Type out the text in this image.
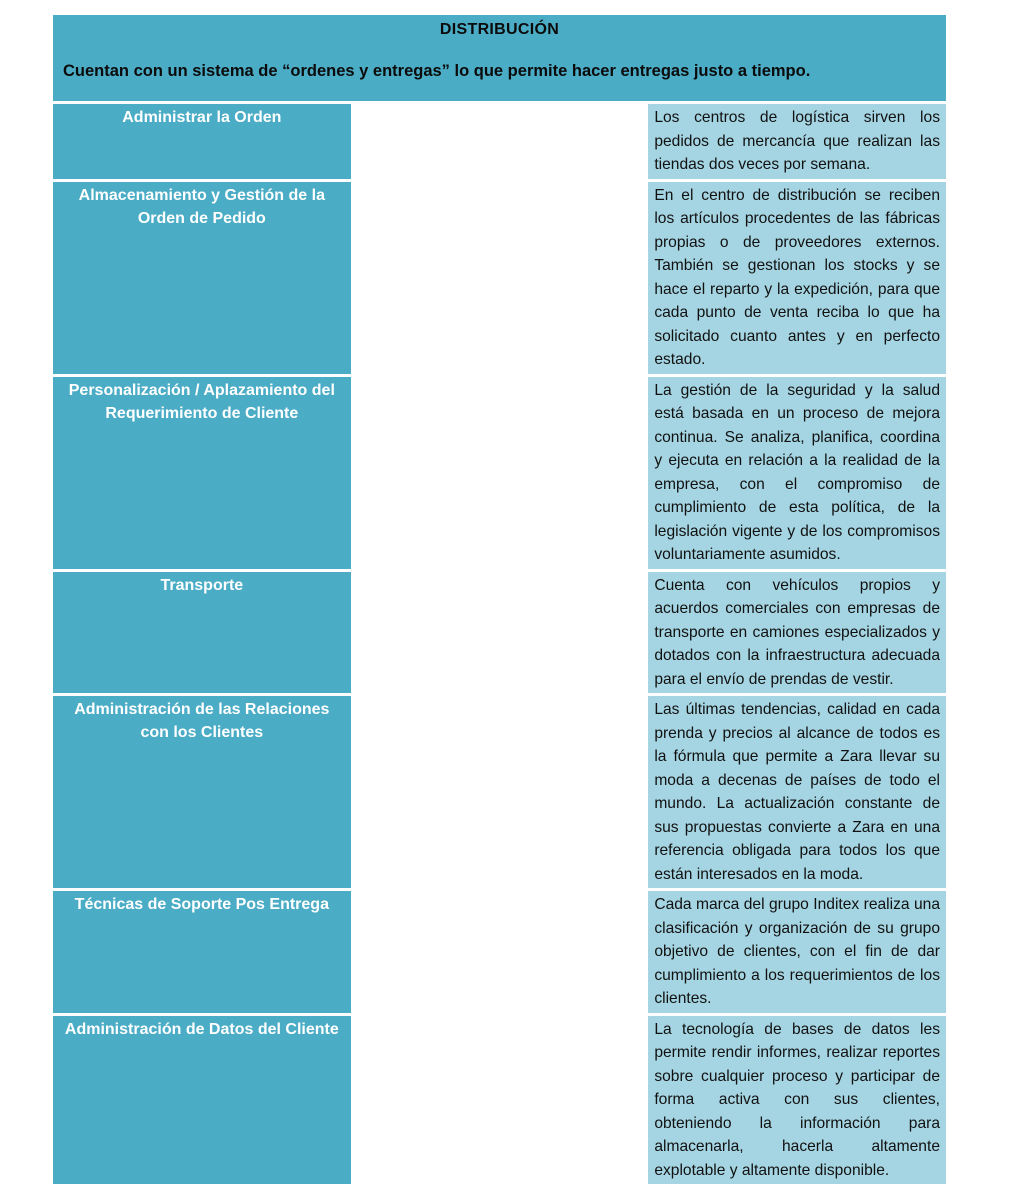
DISTRIBUCIÓN
Cuentan con un sistema de “ordenes y entregas” lo que permite hacer entregas justo a tiempo.		

Administrar la Orden		Los centros de logística sirven los pedidos de mercancía que realizan las tiendas dos veces por semana.
Almacenamiento y Gestión de la Orden de Pedido		En el centro de distribución se reciben los artículos procedentes de las fábricas propias o de proveedores externos. También se gestionan los stocks y se hace el reparto y la expedición, para que cada punto de venta reciba lo que ha solicitado cuanto antes y en perfecto estado.
Personalización / Aplazamiento del Requerimiento de Cliente		La gestión de la seguridad y la salud está basada en un proceso de mejora continua. Se analiza, planifica, coordina y ejecuta en relación a la realidad de la empresa, con el compromiso de cumplimiento de esta política, de la legislación vigente y de los compromisos voluntariamente asumidos.
Transporte		Cuenta con vehículos propios y acuerdos comerciales con empresas de transporte en camiones especializados y dotados con la infraestructura adecuada para el envío de prendas de vestir.
Administración de las Relaciones con los Clientes		Las últimas tendencias, calidad en cada prenda y precios al alcance de todos es la fórmula que permite a Zara llevar su moda a decenas de países de todo el mundo. La actualización constante de sus propuestas convierte a Zara en una referencia obligada para todos los que están interesados en la moda.
Técnicas de Soporte Pos Entrega		Cada marca del grupo Inditex realiza una clasificación y organización de su grupo objetivo de clientes, con el fin de dar cumplimiento a los requerimientos de los clientes.
Administración de Datos del Cliente		La tecnología de bases de datos les permite rendir informes, realizar reportes sobre cualquier proceso y participar de forma activa con sus clientes, obteniendo la información para almacenarla, hacerla altamente explotable y altamente disponible.
